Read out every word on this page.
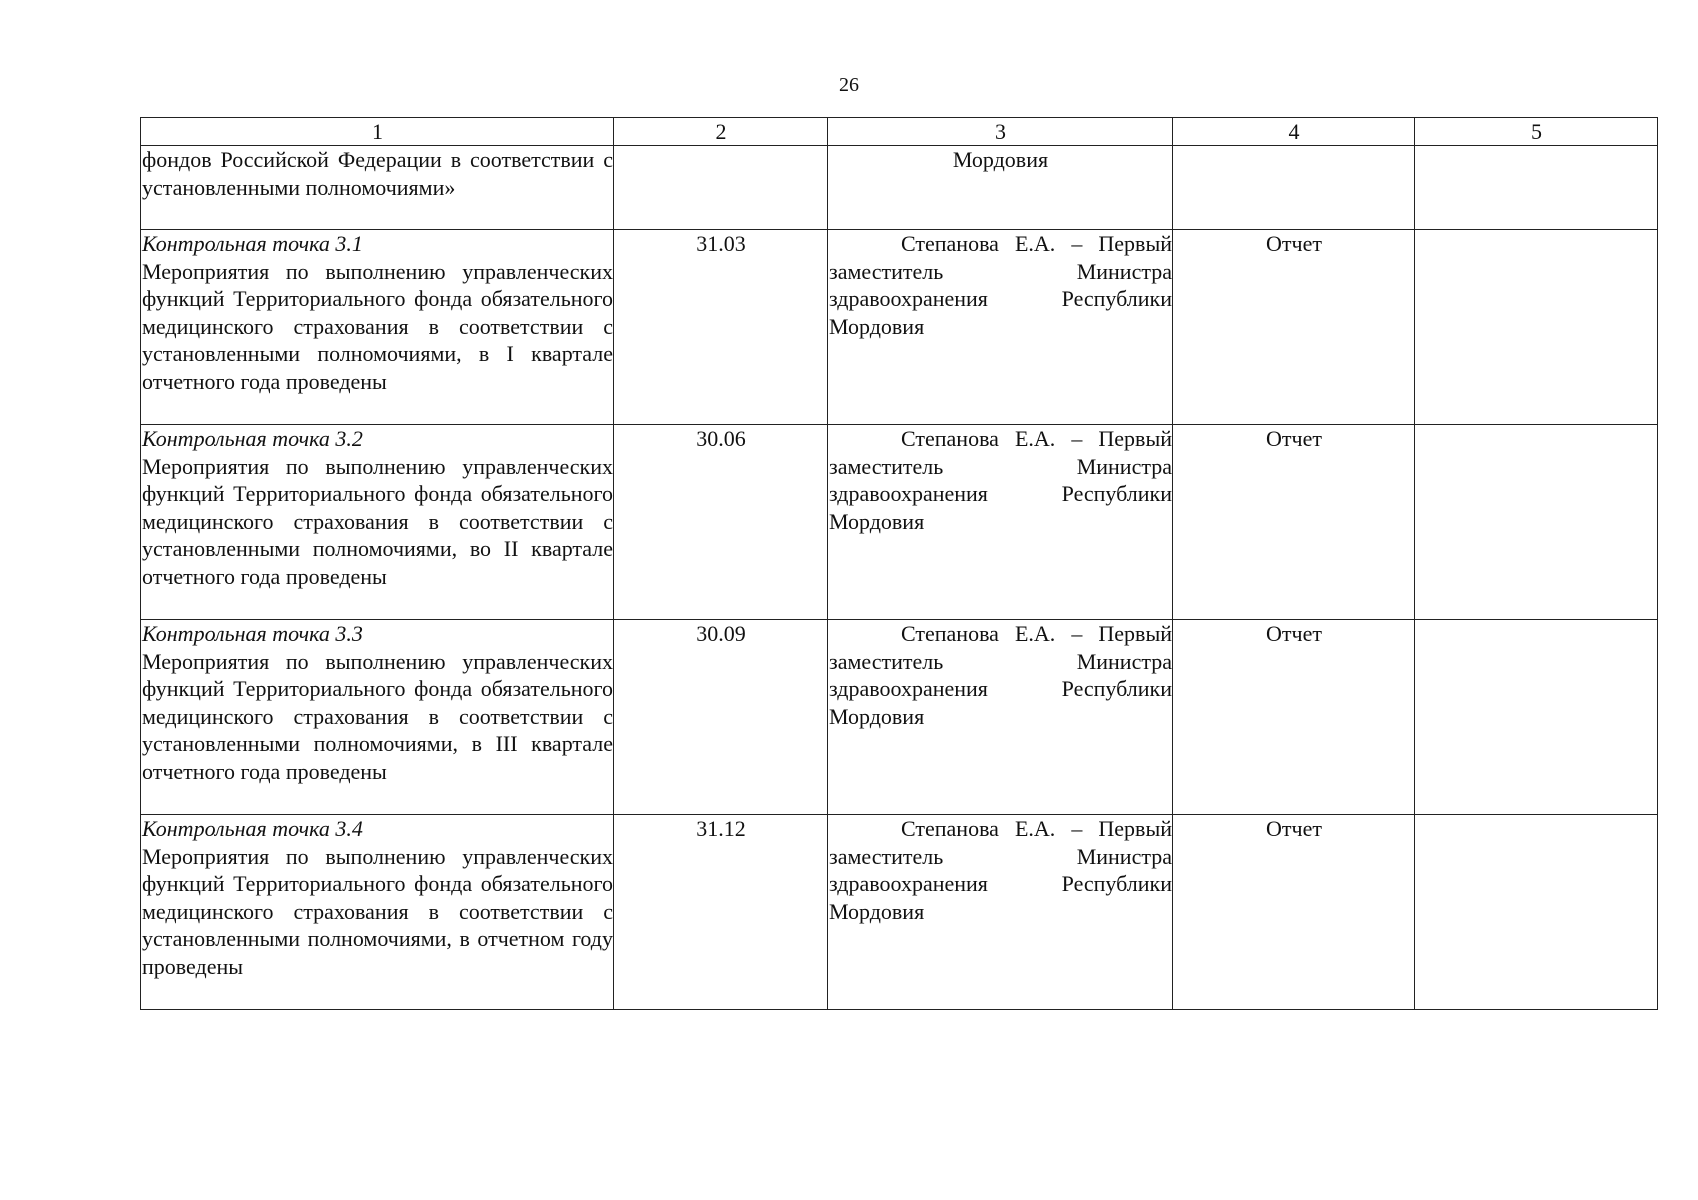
26
1	2	3	4	5
фондов Российской Федерации в соответствии с установленными полномочиями»		Мордовия		

Контрольная точка 3.1
Мероприятия по выполнению управленческих функций Территориального фонда обязательного медицинского страхования в соответствии с установленными полномочиями, в I квартале отчетного года проведены	31.03	Степанова Е.А. – Первый заместитель Министра здравоохранения Республики Мордовия	Отчет	

Контрольная точка 3.2
Мероприятия по выполнению управленческих функций Территориального фонда обязательного медицинского страхования в соответствии с установленными полномочиями, во II квартале отчетного года проведены	30.06	Степанова Е.А. – Первый заместитель Министра здравоохранения Республики Мордовия	Отчет	

Контрольная точка 3.3
Мероприятия по выполнению управленческих функций Территориального фонда обязательного медицинского страхования в соответствии с установленными полномочиями, в III квартале отчетного года проведены	30.09	Степанова Е.А. – Первый заместитель Министра здравоохранения Республики Мордовия	Отчет	

Контрольная точка 3.4
Мероприятия по выполнению управленческих функций Территориального фонда обязательного медицинского страхования в соответствии с установленными полномочиями, в отчетном году проведены	31.12	Степанова Е.А. – Первый заместитель Министра здравоохранения Республики Мордовия	Отчет	
